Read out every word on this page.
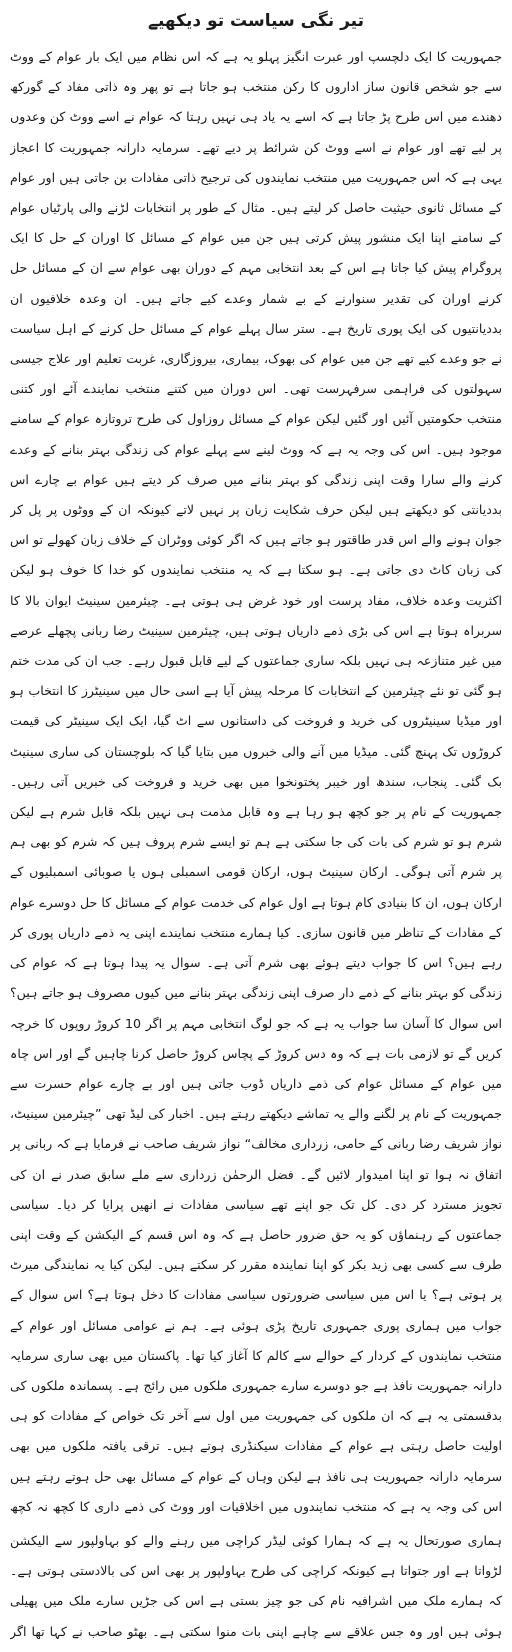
تیر نگی سیاست تو دیکھیے

جمہوریت کا ایک دلچسپ اور عبرت انگیز پہلو یہ ہے کہ اس نظام میں ایک بار عوام کے ووٹ سے جو شخص قانون ساز اداروں کا رکن منتخب ہو جاتا ہے تو پھر وہ ذاتی مفاد کے گورکھ دھندے میں اس طرح پڑ جاتا ہے کہ اسے یہ یاد ہی نہیں رہتا کہ عوام نے اسے ووٹ کن وعدوں پر لیے تھے اور عوام نے اسے ووٹ کن شرائط پر دیے تھے۔ سرمایہ دارانہ جمہوریت کا اعجاز یہی ہے کہ اس جمہوریت میں منتخب نمایندوں کی ترجیح ذاتی مفادات بن جاتی ہیں اور عوام کے مسائل ثانوی حیثیت حاصل کر لیتے ہیں۔ مثال کے طور پر انتخابات لڑنے والی پارٹیاں عوام کے سامنے اپنا ایک منشور پیش کرتی ہیں جن میں عوام کے مسائل کا اوران کے حل کا ایک پروگرام پیش کیا جاتا ہے اس کے بعد انتخابی مہم کے دوران بھی عوام سے ان کے مسائل حل کرنے اوران کی تقدیر سنوارنے کے بے شمار وعدے کیے جاتے ہیں۔ ان وعدہ خلافیوں ان بددیانتیوں کی ایک پوری تاریخ ہے۔ ستر سال پہلے عوام کے مسائل حل کرنے کے اہل سیاست نے جو وعدے کیے تھے جن میں عوام کی بھوک، بیماری، بیروزگاری، غربت تعلیم اور علاج جیسی سہولتوں کی فراہمی سرفہرست تھی۔ اس دوران میں کتنے منتخب نمایندے آئے اور کتنی منتخب حکومتیں آئیں اور گئیں لیکن عوام کے مسائل روزاول کی طرح تروتازہ عوام کے سامنے موجود ہیں۔ اس کی وجہ یہ ہے کہ ووٹ لینے سے پہلے عوام کی زندگی بہتر بنانے کے وعدے کرنے والے سارا وقت اپنی زندگی کو بہتر بنانے میں صرف کر دیتے ہیں عوام بے چارے اس بددیانتی کو دیکھتے ہیں لیکن حرف شکایت زبان پر نہیں لاتے کیونکہ ان کے ووٹوں پر پل کر جوان ہونے والے اس قدر طاقتور ہو جاتے ہیں کہ اگر کوئی ووٹران کے خلاف زبان کھولے تو اس کی زبان کاٹ دی جاتی ہے۔ ہو سکتا ہے کہ یہ منتخب نمایندوں کو خدا کا خوف ہو لیکن اکثریت وعدہ خلاف، مفاد پرست اور خود غرض ہی ہوتی ہے۔ چیئرمین سینیٹ ایوان بالا کا سربراہ ہوتا ہے اس کی بڑی ذمے داریاں ہوتی ہیں، چیئرمین سینیٹ رضا ربانی پچھلے عرصے میں غیر متنازعہ ہی نہیں بلکہ ساری جماعتوں کے لیے قابل قبول رہے۔ جب ان کی مدت ختم ہو گئی تو نئے چیئرمین کے انتخابات کا مرحلہ پیش آیا ہے اسی حال میں سینیٹرز کا انتخاب ہو اور میڈیا سینیٹروں کی خرید و فروخت کی داستانوں سے اٹ گیا، ایک ایک سینیٹر کی قیمت کروڑوں تک پہنچ گئی۔ میڈیا میں آنے والی خبروں میں بتایا گیا کہ بلوچستان کی ساری سینیٹ بک گئی۔ پنجاب، سندھ اور خیبر پختونخوا میں بھی خرید و فروخت کی خبریں آتی رہیں۔ جمہوریت کے نام پر جو کچھ ہو رہا ہے وہ قابل مذمت ہی نہیں بلکہ قابل شرم ہے لیکن شرم ہو تو شرم کی بات کی جا سکتی ہے ہم تو ایسے شرم پروف ہیں کہ شرم کو بھی ہم پر شرم آتی ہوگی۔ ارکان سینیٹ ہوں، ارکان قومی اسمبلی ہوں یا صوبائی اسمبلیوں کے ارکان ہوں، ان کا بنیادی کام ہوتا ہے اول عوام کی خدمت عوام کے مسائل کا حل دوسرے عوام کے مفادات کے تناظر میں قانون سازی۔ کیا ہمارے منتخب نمایندے اپنی یہ ذمے داریاں پوری کر رہے ہیں؟ اس کا جواب دیتے ہوئے بھی شرم آتی ہے۔ سوال یہ پیدا ہوتا ہے کہ عوام کی زندگی کو بہتر بنانے کے ذمے دار صرف اپنی زندگی بہتر بنانے میں کیوں مصروف ہو جاتے ہیں؟ اس سوال کا آسان سا جواب یہ ہے کہ جو لوگ انتخابی مہم پر اگر 10 کروڑ روپوں کا خرچہ کریں گے تو لازمی بات ہے کہ وہ دس کروڑ کے پچاس کروڑ حاصل کرنا چاہیں گے اور اس چاہ میں عوام کے مسائل عوام کی ذمے داریاں ڈوب جاتی ہیں اور بے چارے عوام حسرت سے جمہوریت کے نام پر لگنے والے یہ تماشے دیکھتے رہتے ہیں۔ اخبار کی لیڈ تھی ”چیئرمین سینیٹ، نواز شریف رضا ربانی کے حامی، زرداری مخالف“ نواز شریف صاحب نے فرمایا ہے کہ ربانی پر اتفاق نہ ہوا تو اپنا امیدوار لائیں گے۔ فضل الرحمٰن زرداری سے ملے سابق صدر نے ان کی تجویز مسترد کر دی۔ کل تک جو اپنے تھے سیاسی مفادات نے انھیں پرایا کر دیا۔ سیاسی جماعتوں کے رہنماؤں کو یہ حق ضرور حاصل ہے کہ وہ اس قسم کے الیکشن کے وقت اپنی طرف سے کسی بھی زید بکر کو اپنا نمایندہ مقرر کر سکتے ہیں۔ لیکن کیا یہ نمایندگی میرٹ پر ہوتی ہے؟ یا اس میں سیاسی ضرورتوں سیاسی مفادات کا دخل ہوتا ہے؟ اس سوال کے جواب میں ہماری پوری جمہوری تاریخ پڑی ہوئی ہے۔ ہم نے عوامی مسائل اور عوام کے منتخب نمایندوں کے کردار کے حوالے سے کالم کا آغاز کیا تھا۔ پاکستان میں بھی ساری سرمایہ دارانہ جمہوریت نافذ ہے جو دوسرے سارے جمہوری ملکوں میں رائج ہے۔ پسماندہ ملکوں کی بدقسمتی یہ ہے کہ ان ملکوں کی جمہوریت میں اول سے آخر تک خواص کے مفادات کو ہی اولیت حاصل رہتی ہے عوام کے مفادات سیکنڈری ہوتے ہیں۔ ترقی یافتہ ملکوں میں بھی سرمایہ دارانہ جمہوریت ہی نافذ ہے لیکن وہاں کے عوام کے مسائل بھی حل ہوتے رہتے ہیں اس کی وجہ یہ ہے کہ منتخب نمایندوں میں اخلاقیات اور ووٹ کی ذمے داری کا کچھ نہ کچھ

ہماری صورتحال یہ ہے کہ ہمارا کوئی لیڈر کراچی میں رہنے والے کو بہاولپور سے الیکشن لڑواتا ہے اور جتواتا ہے کیونکہ کراچی کی طرح بہاولپور پر بھی اس کی بالادستی ہوتی ہے۔ کہ ہمارے ملک میں اشرافیہ نام کی جو چیز بستی ہے اس کی جڑیں سارے ملک میں پھیلی ہوئی ہیں اور وہ جس علاقے سے چاہے اپنی بات منوا سکتی ہے۔ بھٹو صاحب نے کہا تھا اگر
